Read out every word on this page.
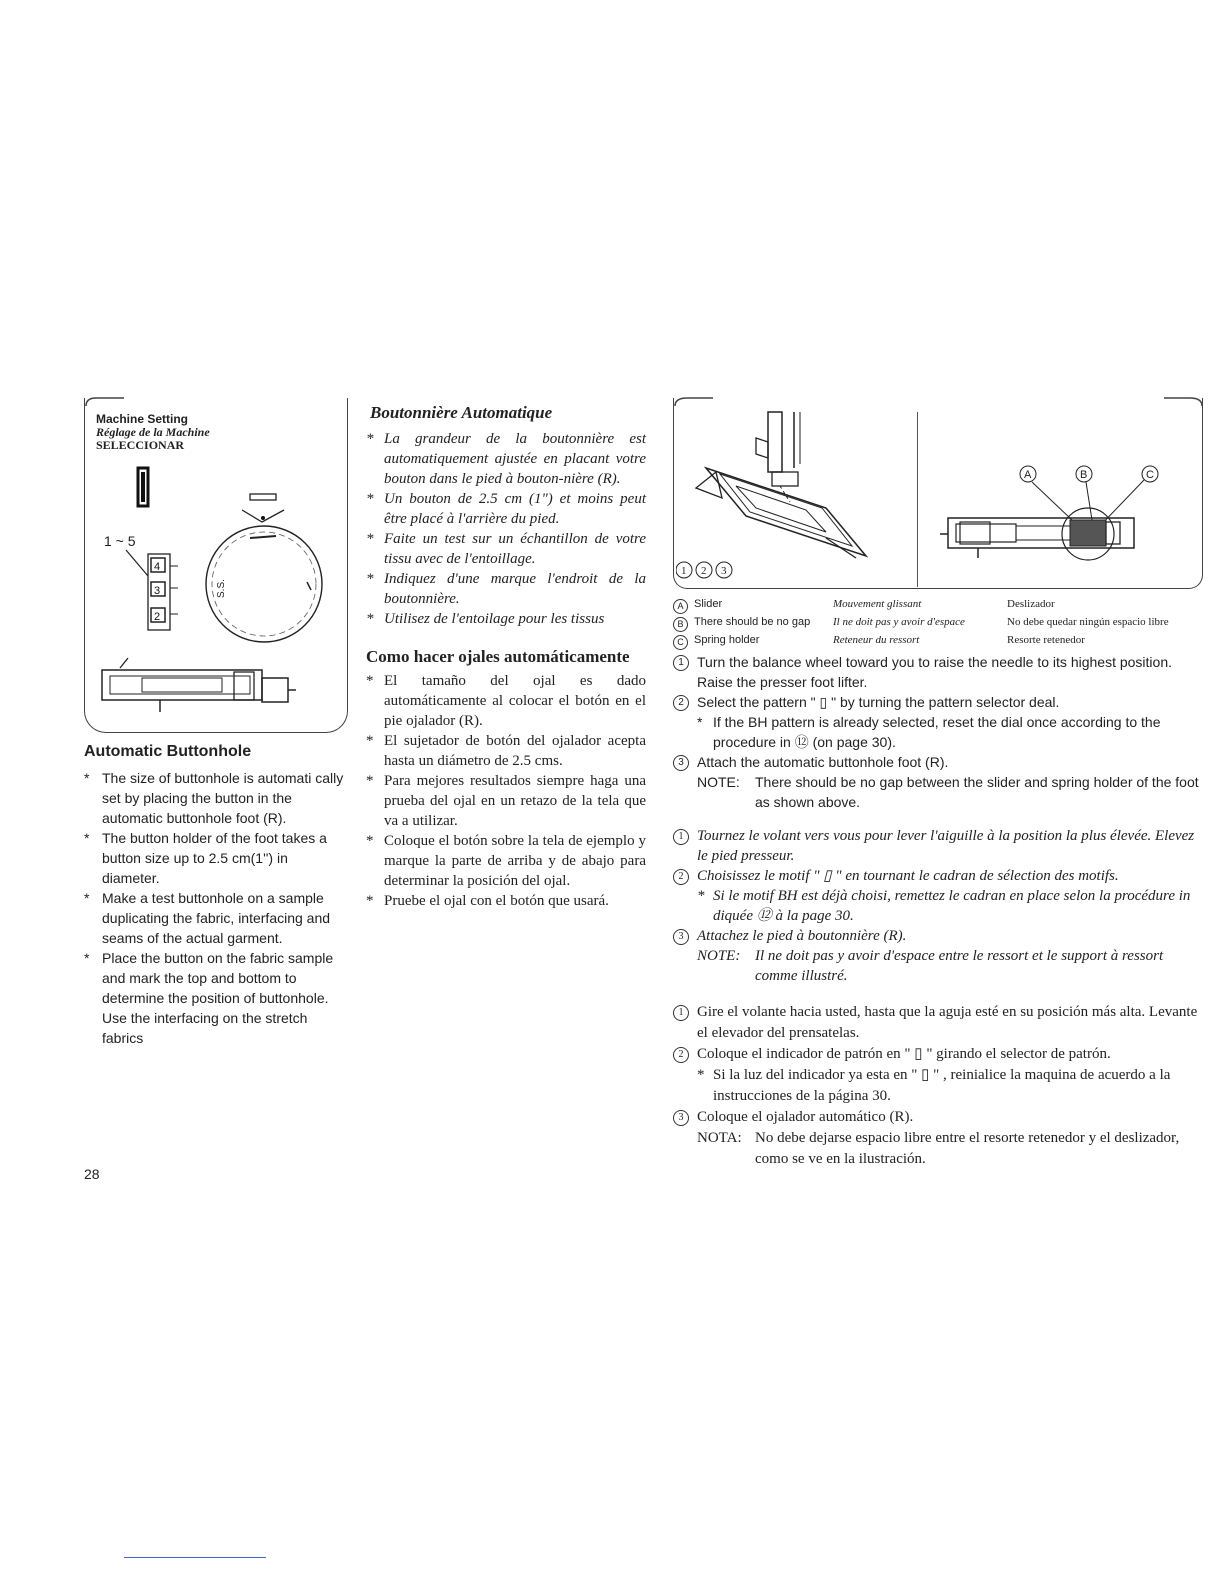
Machine Setting
Réglage de la Machine
SELECCIONAR
1 ~ 5
4
3
2
S.S.
Automatic Buttonhole
* The size of buttonhole is automati cally set by placing the button in the automatic buttonhole foot (R).
* The button holder of the foot takes a button size up to 2.5 cm(1'') in diameter.
* Make a test buttonhole on a sample duplicating the fabric, interfacing and seams of the actual garment.
* Place the button on the fabric sample
and mark the top and bottom to determine the position of buttonhole. Use the interfacing on the stretch fabrics
Boutonnière Automatique
* La grandeur de la boutonnière est automatiquement ajustée en placant votre bouton dans le pied à bouton-nière (R).
* Un bouton de 2.5 cm (1") et moins peut être placé à l'arrière du pied.
* Faite un test sur un échantillon de votre tissu avec de l'entoillage.
* Indiquez d'une marque l'endroit de la boutonnière.
* Utilisez de l'entoilage pour les tissus
Como hacer ojales automáticamente
* El tamaño del ojal es dado automáticamente al colocar el botón en el pie ojalador (R).
* El sujetador de botón del ojalador acepta hasta un diámetro de 2.5 cms.
* Para mejores resultados siempre haga una prueba del ojal en un retazo de la tela que va a utilizar.
* Coloque el botón sobre la tela de ejemplo y marque la parte de arriba y de abajo para determinar la posición del ojal.
* Pruebe el ojal con el botón que usará.
1 2 3
A	B	C
A Slider	Mouvement glissant	Deslizador
B There should be no gap	Il ne doit pas y avoir d'espace	No debe quedar ningún espacio libre
C Spring holder	Reteneur du ressort	Resorte retenedor
1 Turn the balance wheel toward you to raise the needle to its highest position. Raise the presser foot lifter.
2 Select the pattern " ▯ " by turning the pattern selector deal.
* If the BH pattern is already selected, reset the dial once according to the procedure in ⑫ (on page 30).
3 Attach the automatic buttonhole foot (R).
NOTE:	There should be no gap between the slider and spring holder of the foot as shown above.
1 Tournez le volant vers vous pour lever l'aiguille à la position la plus élevée. Elevez le pied presseur.
2 Choisissez le motif " ▯ " en tournant le cadran de sélection des motifs.
* Si le motif BH est déjà choisi, remettez le cadran en place selon la procédure in diquée ⑫ à la page 30.
3 Attachez le pied à boutonnière (R).
NOTE: Il ne doit pas y avoir d'espace entre le ressort et le support à ressort comme illustré.
1 Gire el volante hacia usted, hasta que la aguja esté en su posición más alta. Levante el elevador del prensatelas.
2 Coloque el indicador de patrón en " ▯ " girando el selector de patrón.
* Si la luz del indicador ya esta en " ▯ " , reinialice la maquina de acuerdo a la instrucciones de la página 30.
3 Coloque el ojalador automático (R).
NOTA: No debe dejarse espacio libre entre el resorte retenedor y el deslizador, como se ve en la ilustración.
28
